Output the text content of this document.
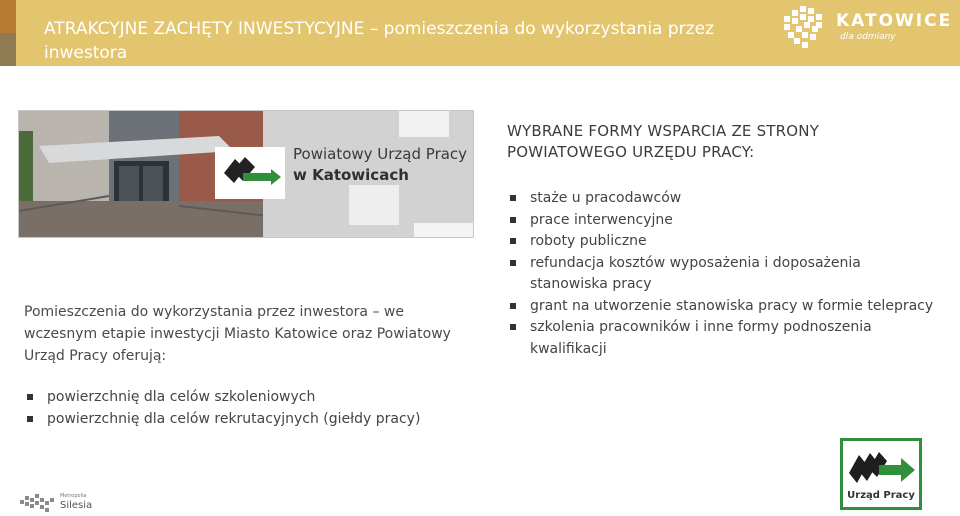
ATRAKCYJNE ZACHĘTY INWESTYCYJNE – pomieszczenia do wykorzystania przez inwestora
KATOWICE
dla odmiany
Powiatowy Urząd Pracy
w Katowicach
Pomieszczenia do wykorzystania przez inwestora – we wczesnym etapie inwestycji Miasto Katowice oraz Powiatowy Urząd Pracy oferują:
powierzchnię dla celów szkoleniowych
powierzchnię dla celów rekrutacyjnych (giełdy pracy)
WYBRANE FORMY WSPARCIA ZE STRONY POWIATOWEGO URZĘDU PRACY:
staże u pracodawców
prace interwencyjne
roboty publiczne
refundacja kosztów wyposażenia i doposażenia stanowiska pracy
grant na utworzenie stanowiska pracy w formie telepracy
szkolenia pracowników i inne formy podnoszenia kwalifikacji
Metropolia
Silesia
Urząd Pracy
